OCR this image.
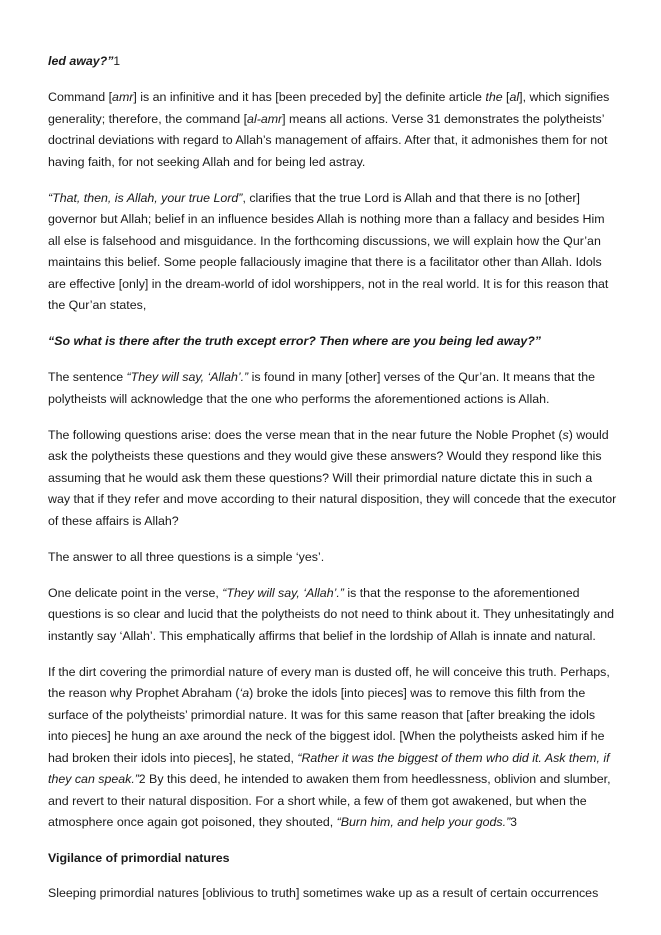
led away?”1

Command [amr] is an infinitive and it has [been preceded by] the definite article the [al], which signifies generality; therefore, the command [al-amr] means all actions. Verse 31 demonstrates the polytheists’ doctrinal deviations with regard to Allah’s management of affairs. After that, it admonishes them for not having faith, for not seeking Allah and for being led astray.

“That, then, is Allah, your true Lord”, clarifies that the true Lord is Allah and that there is no [other] governor but Allah; belief in an influence besides Allah is nothing more than a fallacy and besides Him all else is falsehood and misguidance. In the forthcoming discussions, we will explain how the Qur’an maintains this belief. Some people fallaciously imagine that there is a facilitator other than Allah. Idols are effective [only] in the dream-world of idol worshippers, not in the real world. It is for this reason that the Qur’an states,

“So what is there after the truth except error? Then where are you being led away?”

The sentence “They will say, ‘Allah’.” is found in many [other] verses of the Qur’an. It means that the polytheists will acknowledge that the one who performs the aforementioned actions is Allah.

The following questions arise: does the verse mean that in the near future the Noble Prophet (s) would ask the polytheists these questions and they would give these answers? Would they respond like this assuming that he would ask them these questions? Will their primordial nature dictate this in such a way that if they refer and move according to their natural disposition, they will concede that the executor of these affairs is Allah?

The answer to all three questions is a simple ‘yes’.

One delicate point in the verse, “They will say, ‘Allah’.” is that the response to the aforementioned questions is so clear and lucid that the polytheists do not need to think about it. They unhesitatingly and instantly say ‘Allah’. This emphatically affirms that belief in the lordship of Allah is innate and natural.

If the dirt covering the primordial nature of every man is dusted off, he will conceive this truth. Perhaps, the reason why Prophet Abraham (‘a) broke the idols [into pieces] was to remove this filth from the surface of the polytheists’ primordial nature. It was for this same reason that [after breaking the idols into pieces] he hung an axe around the neck of the biggest idol. [When the polytheists asked him if he had broken their idols into pieces], he stated, “Rather it was the biggest of them who did it. Ask them, if they can speak.”2 By this deed, he intended to awaken them from heedlessness, oblivion and slumber, and revert to their natural disposition. For a short while, a few of them got awakened, but when the atmosphere once again got poisoned, they shouted, “Burn him, and help your gods.”3

Vigilance of primordial natures

Sleeping primordial natures [oblivious to truth] sometimes wake up as a result of certain occurrences
